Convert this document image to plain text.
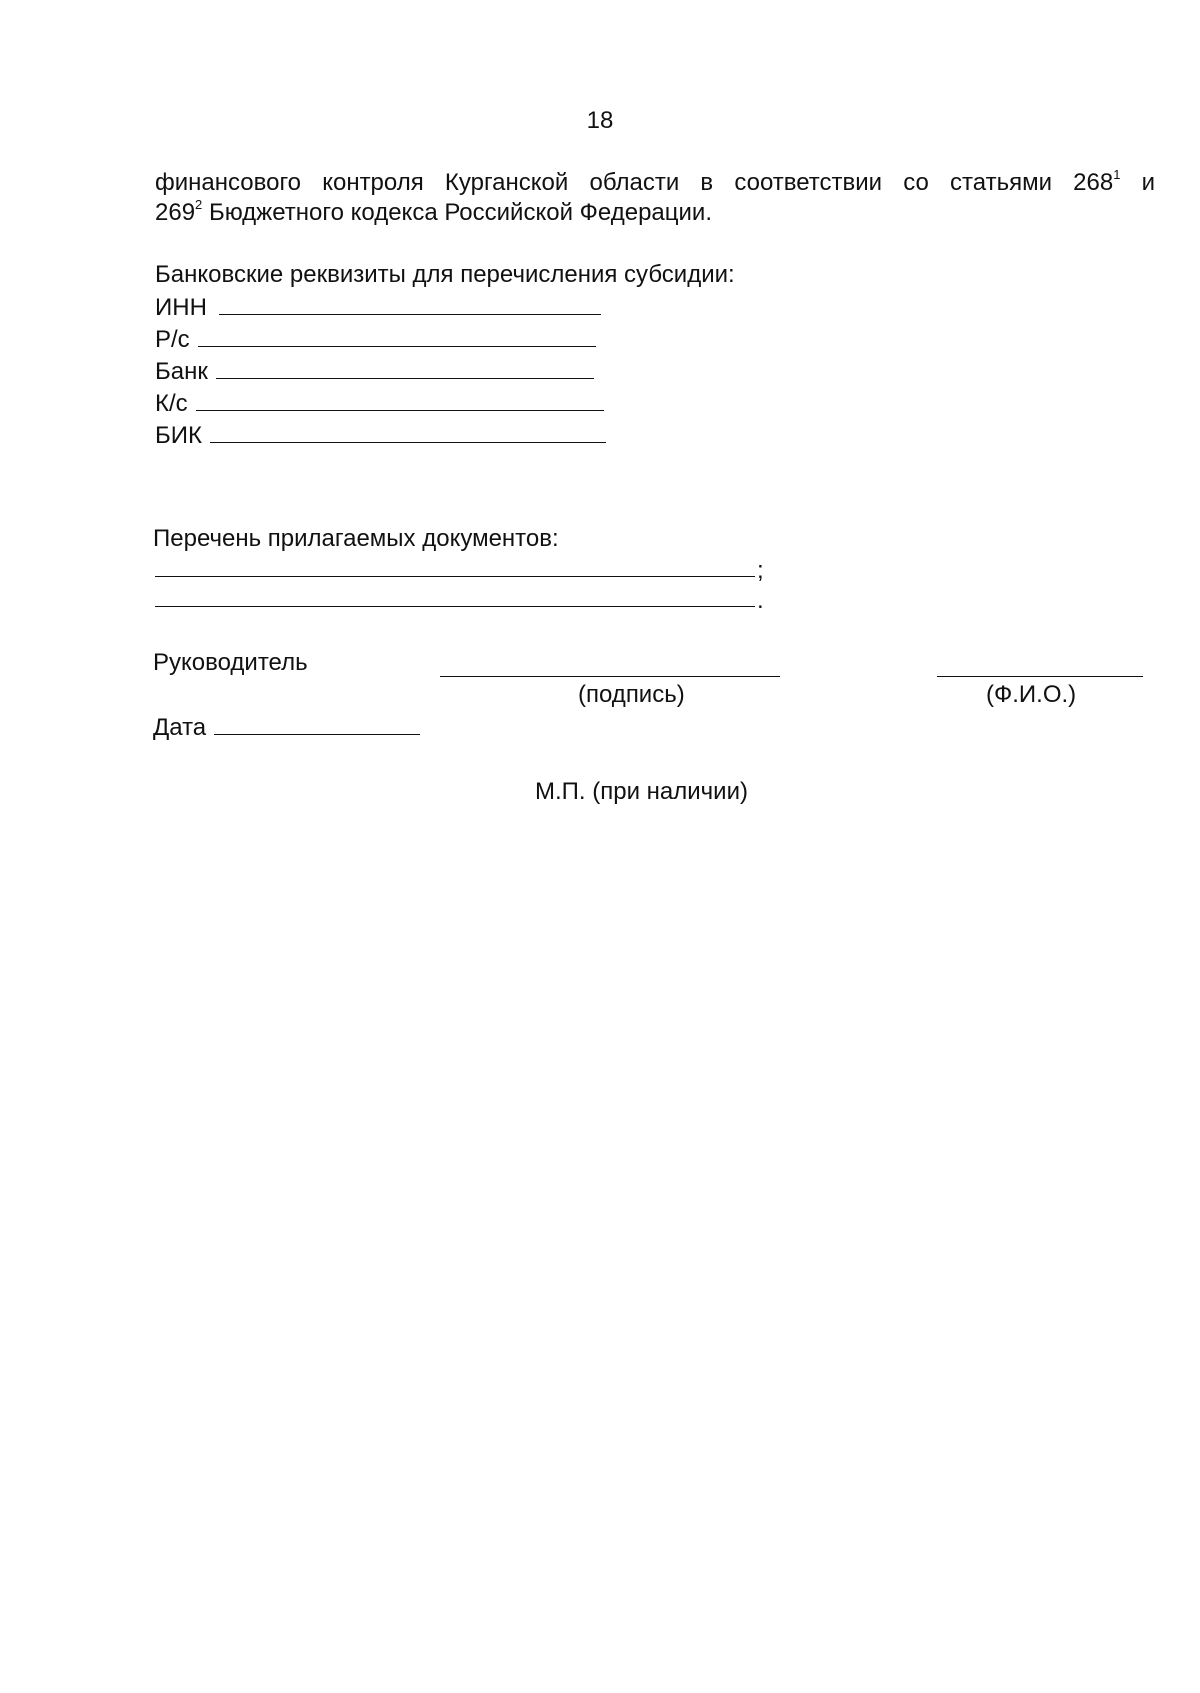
18
финансового контроля Курганской области в соответствии со статьями $268^1$ и
$269^2$ Бюджетного кодекса Российской Федерации.
Банковские реквизиты для перечисления субсидии:
ИНН
Р/с
Банк
К/с
БИК
Перечень прилагаемых документов:
;
.
Руководитель
(подпись)	(Ф.И.О.)
Дата
М.П. (при наличии)
